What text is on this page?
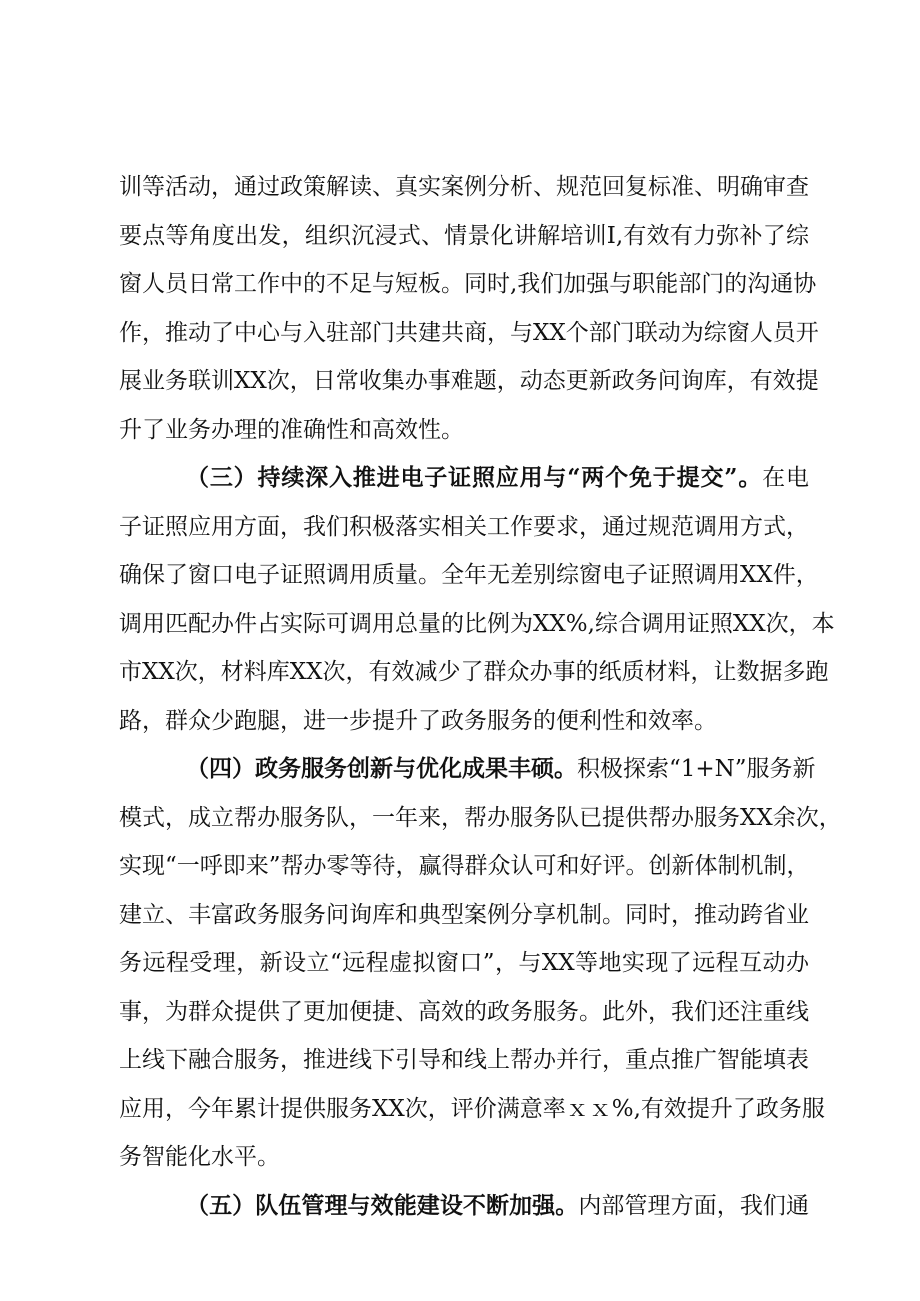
训等活动，通过政策解读、真实案例分析、规范回复标准、明确审查
要点等角度出发，组织沉浸式、情景化讲解培训I,有效有力弥补了综
窗人员日常工作中的不足与短板。同时,我们加强与职能部门的沟通协
作，推动了中心与入驻部门共建共商，与XX个部门联动为综窗人员开
展业务联训XX次，日常收集办事难题，动态更新政务问询库，有效提
升了业务办理的准确性和高效性。
（三）持续深入推进电子证照应用与“两个免于提交”。在电
子证照应用方面，我们积极落实相关工作要求，通过规范调用方式，
确保了窗口电子证照调用质量。全年无差别综窗电子证照调用XX件，
调用匹配办件占实际可调用总量的比例为XX%,综合调用证照XX次，本
市XX次，材料库XX次，有效减少了群众办事的纸质材料，让数据多跑
路，群众少跑腿，进一步提升了政务服务的便利性和效率。
（四）政务服务创新与优化成果丰硕。积极探索“1+N”服务新
模式，成立帮办服务队，一年来，帮办服务队已提供帮办服务XX余次，
实现“一呼即来”帮办零等待，赢得群众认可和好评。创新体制机制，
建立、丰富政务服务问询库和典型案例分享机制。同时，推动跨省业
务远程受理，新设立“远程虚拟窗口”，与XX等地实现了远程互动办
事，为群众提供了更加便捷、高效的政务服务。此外，我们还注重线
上线下融合服务，推进线下引导和线上帮办并行，重点推广智能填表
应用，今年累计提供服务XX次，评价满意率ｘｘ%,有效提升了政务服
务智能化水平。
（五）队伍管理与效能建设不断加强。内部管理方面，我们通
